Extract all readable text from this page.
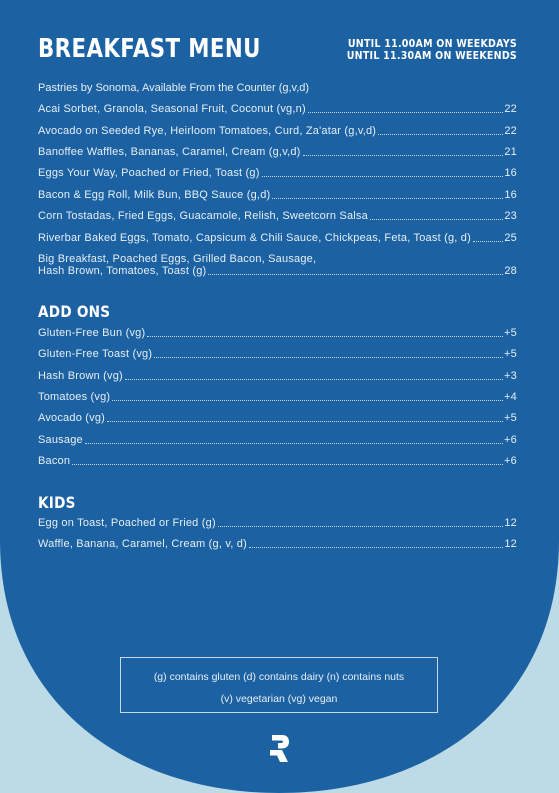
BREAKFAST MENU	UNTIL 11.00AM ON WEEKDAYS
UNTIL 11.30AM ON WEEKENDS
Pastries by Sonoma, Available From the Counter (g,v,d)
Acai Sorbet, Granola, Seasonal Fruit, Coconut (vg,n)	22
Avocado on Seeded Rye, Heirloom Tomatoes, Curd, Za'atar (g,v,d)	22
Banoffee Waffles, Bananas, Caramel, Cream (g,v,d)	21
Eggs Your Way, Poached or Fried, Toast (g)	16
Bacon & Egg Roll, Milk Bun, BBQ Sauce (g,d)	16
Corn Tostadas, Fried Eggs, Guacamole, Relish, Sweetcorn Salsa	23
Riverbar Baked Eggs, Tomato, Capsicum & Chili Sauce, Chickpeas, Feta, Toast (g, d)	25
Big Breakfast, Poached Eggs, Grilled Bacon, Sausage,
Hash Brown, Tomatoes, Toast (g)	28
ADD ONS
Gluten-Free Bun (vg)	+5
Gluten-Free Toast (vg)	+5
Hash Brown (vg)	+3
Tomatoes (vg)	+4
Avocado (vg)	+5
Sausage	+6
Bacon	+6
KIDS
Egg on Toast, Poached or Fried (g)	12
Waffle, Banana, Caramel, Cream (g, v, d)	12
(g) contains gluten (d) contains dairy (n) contains nuts
(v) vegetarian (vg) vegan
